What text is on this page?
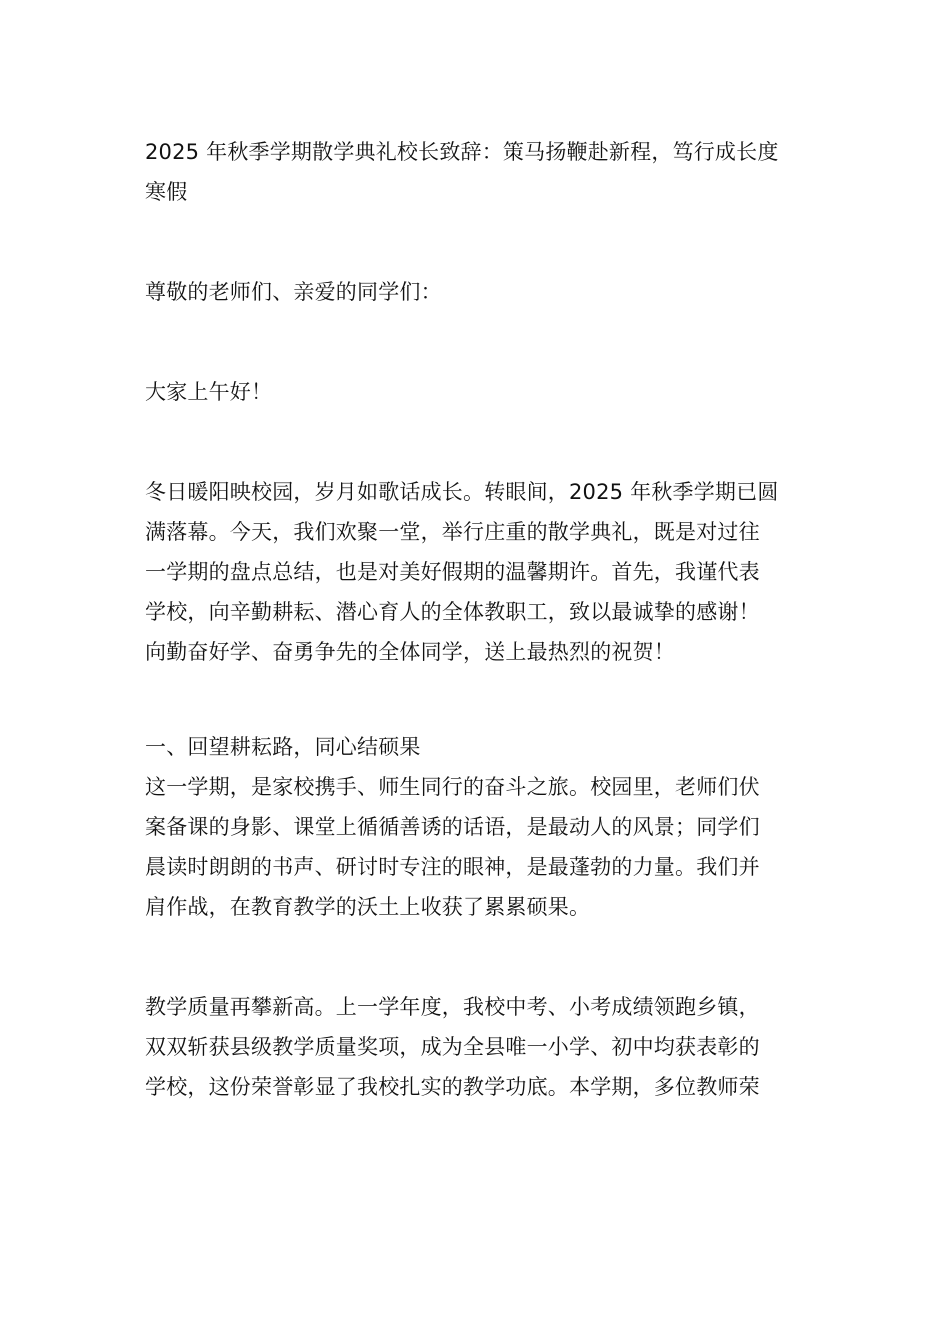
2025 年秋季学期散学典礼校长致辞：策马扬鞭赴新程，笃行成长度
寒假
尊敬的老师们、亲爱的同学们：
大家上午好！
冬日暖阳映校园，岁月如歌话成长。转眼间，2025 年秋季学期已圆
满落幕。今天，我们欢聚一堂，举行庄重的散学典礼，既是对过往
一学期的盘点总结，也是对美好假期的温馨期许。首先，我谨代表
学校，向辛勤耕耘、潜心育人的全体教职工，致以最诚挚的感谢！
向勤奋好学、奋勇争先的全体同学，送上最热烈的祝贺！
一、回望耕耘路，同心结硕果
这一学期，是家校携手、师生同行的奋斗之旅。校园里，老师们伏
案备课的身影、课堂上循循善诱的话语，是最动人的风景；同学们
晨读时朗朗的书声、研讨时专注的眼神，是最蓬勃的力量。我们并
肩作战，在教育教学的沃土上收获了累累硕果。
教学质量再攀新高。上一学年度，我校中考、小考成绩领跑乡镇，
双双斩获县级教学质量奖项，成为全县唯一小学、初中均获表彰的
学校，这份荣誉彰显了我校扎实的教学功底。本学期，多位教师荣
